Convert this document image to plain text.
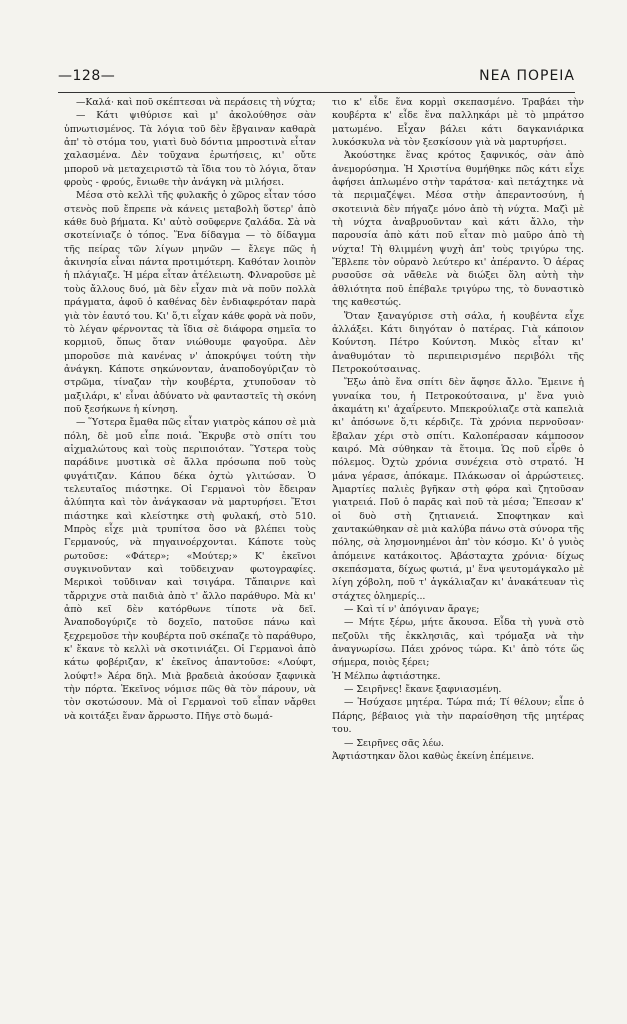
—128—	ΝΕΑ ΠΟΡΕΙΑ

—Καλά· καὶ ποῦ σκέπτεσαι νὰ περάσεις τὴ νύχτα;

— Κάτι ψιθύρισε καὶ μ' ἀκολούθησε σὰν ὑπνωτισμένος. Τὰ λόγια τοῦ δὲν ἔβγαιναν καθαρὰ ἀπ' τὸ στόμα του, γιατὶ δυὸ δόντια μπροστινὰ εἶταν χαλασμένα. Δὲν τοῦχανα ἐρωτήσεις, κι' οὔτε μποροῦ νὰ μεταχειριστῶ τὰ ἴδια του τὸ λόγια, ὅταν φροὺς - φρούς, ἔνιωθε τὴν ἀνάγκη νὰ μιλήσει.

Μέσα στὸ κελλὶ τῆς φυλακῆς ὁ χῶρος εἶταν τόσο στενὸς ποῦ ἔπρεπε νὰ κάνεις μεταβολὴ ὕστερ' ἀπὸ κάθε δυὸ βήματα. Κι' αὐτὸ σοῦφερνε ζαλάδα. Σὰ νὰ σκοτείνιαζε ὁ τόπος. Ἕνα δίδαγμα — τὸ δίδαγμα τῆς πείρας τῶν λίγων μηνῶν — ἔλεγε πῶς ἡ ἀκινησία εἶναι πάντα προτιμότερη. Καθόταν λοιπὸν ἡ πλάγιαζε. Ἡ μέρα εἶταν ἀτέλειωτη. Φλναροῦσε μὲ τοὺς ἄλλους δυό, μὰ δὲν εἶχαν πιὰ νὰ ποῦν πολλὰ πράγματα, ἀφοῦ ὁ καθένας δὲν ἐνδιαφερόταν παρὰ γιὰ τὸν ἑαυτό του. Κι' ὅ,τι εἶχαν κάθε φορὰ νὰ ποῦν, τὸ λέγαν φέρνοντας τὰ ἴδια σὲ διάφορα σημεῖα το κορμιοῦ, ὅπως ὅταν νιώθουμε φαγοῦρα. Δὲν μποροῦσε πιὰ κανένας ν' ἀποκρύψει τούτη τὴν ἀνάγκη. Κάποτε σηκώνονταν, ἀναποδογύριζαν τὸ στρῶμα, τίναζαν τὴν κουβέρτα, χτυποῦσαν τὸ μαξιλάρι, κ' εἶναι ἀδύνατο νὰ φανταστεῖς τὴ σκόνη ποῦ ξεσήκωνε ἡ κίνηση.

— Ὕστερα ἔμαθα πῶς εἶταν γιατρὸς κάπου σὲ μιὰ πόλη, δὲ μοῦ εἶπε ποιά. Ἔκρυβε στὸ σπίτι του αἰχμαλώτους καὶ τοὺς περιποιόταν. Ὕστερα τοὺς παράδινε μυστικὰ σὲ ἄλλα πρόσωπα ποῦ τοὺς φυγάτιζαν. Κάπου δέκα ὀχτὼ γλιτώσαν. Ὁ τελευταῖος πιάστηκε. Οἱ Γερμανοὶ τὸν ἔδειραν ἀλύπητα καὶ τὸν ἀνάγκασαν νὰ μαρτυρήσει. Ἔτσι πιάστηκε καὶ κλείστηκε στὴ φυλακή, στὸ 510. Μπρὸς εἶχε μιὰ τρυπίτσα ὅσο νὰ βλέπει τοὺς Γερμανούς, νὰ πηγαινοέρχονται. Κάποτε τοὺς ρωτοῦσε: «Φάτερ»; «Μούτερ;» Κ' ἐκεῖνοι συγκινοῦνταν καὶ τοῦδειχναν φωτογραφίες. Μερικοὶ τοῦδιναν καὶ τσιγάρα. Τἄπαιρνε καὶ τἄρριχνε στὰ παιδιὰ ἀπὸ τ' ἄλλο παράθυρο. Μὰ κι' ἀπὸ κεῖ δὲν κατόρθωνε τίποτε νὰ δεῖ. Ἀναποδογύριζε τὸ δοχεῖο, πατοῦσε πάνω καὶ ξεχρεμοῦσε τὴν κουβέρτα ποῦ σκέπαζε τὸ παράθυρο, κ' ἔκανε τὸ κελλὶ νὰ σκοτινιάζει. Οἱ Γερμανοὶ ἀπὸ κάτω φοβέριζαν, κ' ἐκεῖνος ἀπαντοῦσε: «Λούφτ, λούφτ!» Ἀέρα δηλ. Μιὰ βραδειὰ ἀκούσαν ξαφνικὰ τὴν πόρτα. Ἐκεῖνος νόμισε πῶς θὰ τὸν πάρουν, νὰ τὸν σκοτώσουν. Μὰ οἱ Γερμανοὶ τοῦ εἶπαν νἄρθει νὰ κοιτάξει ἕναν ἄρρωστο. Πῆγε στὸ δωμά-

τιο κ' εἶδε ἕνα κορμὶ σκεπασμένο. Τραβάει τὴν κουβέρτα κ' εἶδε ἕνα παλληκάρι μὲ τὸ μπράτσο ματωμένο. Εἶχαν βάλει κάτι δαγκανιάρικα λυκόσκυλα νὰ τὸν ξεσκίσουν γιὰ νὰ μαρτυρήσει.

Ἀκούστηκε ἕνας κρότος ξαφνικός, σὰν ἀπὸ ἀνεμορύσημα. Ἡ Χριστίνα θυμήθηκε πῶς κάτι εἶχε ἀφήσει ἁπλωμένο στὴν ταράτσα· καὶ πετάχτηκε νὰ τὰ περιμαζέψει. Μέσα στὴν ἀπεραντοσύνη, ἡ σκοτεινιὰ δὲν πήγαζε μόνο ἀπὸ τὴ νύχτα. Μαζὶ μὲ τὴ νύχτα ἀναβρυοῦνταν καὶ κάτι ἄλλο, τὴν παρουσία ἀπὸ κάτι ποῦ εἶταν πιὸ μαῦρο ἀπὸ τὴ νύχτα! Τὴ θλιμμένη ψυχὴ ἀπ' τοὺς τριγύρω της. Ἔβλεπε τὸν οὐρανὸ λεύτερο κι' ἀπέραντο. Ὁ ἀέρας ρυσοῦσε σὰ νἄθελε νὰ διώξει ὅλη αὐτὴ τὴν ἀθλιότητα ποῦ ἐπέβαλε τριγύρω της, τὸ δυναστικὸ της καθεστώς.

Ὅταν ξαναγύρισε στὴ σάλα, ἡ κουβέντα εἶχε ἀλλάξει. Κάτι διηγόταν ὁ πατέρας. Γιὰ κάποιον Κούντση. Πέτρο Κούντση. Μικὸς εἶταν κι' ἀναθυμόταν τὸ περιπειρισμένο περιβόλι τῆς Πετροκούτσαινας.

Ἔξω ἀπὸ ἕνα σπίτι δὲν ἄφησε ἄλλο. Ἔμεινε ἡ γυναίκα του, ἡ Πετροκούτσαινα, μ' ἕνα γυιὸ ἀκαμάτη κι' ἀχαΐρευτο. Μπεκρούλιαζε στὰ καπελιὰ κι' ἀπόσωνε ὅ,τι κέρδιζε. Τὰ χρόνια περνοῦσαν· ἔβαλαν χέρι στὸ σπίτι. Καλοπέρασαν κάμποσον καιρό. Μὰ σύθηκαν τὰ ἕτοιμα. Ὡς ποῦ εἶρθε ὁ πόλεμος. Ὀχτὼ χρόνια συνέχεια στὸ στρατό. Ἡ μάνα γέρασε, ἀπόκαμε. Πλάκωσαν οἱ ἀρρώστειες. Ἀμαρτίες παλιὲς βγῆκαν στὴ φόρα καὶ ζητοῦσαν γιατρειά. Ποῦ ὁ παρᾶς καὶ ποῦ τὰ μέσα; Ἔπεσαν κ' οἱ δυὸ στὴ ζητιανειά. Σποφτηκαν καὶ χαντακώθηκαν σὲ μιὰ καλύβα πάνω στὰ σύνορα τῆς πόλης, σὰ λησμονημένοι ἀπ' τὸν κόσμο. Κι' ὁ γυιὸς ἀπόμεινε κατάκοιτος. Ἀβάσταχτα χρόνια· δίχως σκεπάσματα, δίχως φωτιά, μ' ἕνα ψευτομάγκαλο μὲ λίγη χόβολη, ποῦ τ' ἀγκάλιαζαν κι' ἀνακάτευαν τὶς στάχτες ὁλημερίς...

— Καὶ τί ν' ἀπόγιναν ἄραγε;

— Μήτε ξέρω, μήτε ἄκουσα. Εἶδα τὴ γυνὰ στὸ πεζοῦλι τῆς ἐκκλησιᾶς, καὶ τρόμαξα νὰ τὴν ἀναγνωρίσω. Πάει χρόνος τώρα. Κι' ἀπὸ τότε ὥς σήμερα, ποιὸς ξέρει;

Ἡ Μέλπω ἀφτιάστηκε.

— Σειρῆνες! ἔκανε ξαφνιασμένη.

— Ἡσύχασε μητέρα. Τώρα πιά; Τί θέλουν; εἶπε ὁ Πάρης, βέβαιος γιὰ τὴν παραίσθηση τῆς μητέρας του.

— Σειρῆνες σᾶς λέω.

Ἀφτιάστηκαν ὅλοι καθὼς ἐκείνη ἐπέμεινε.
